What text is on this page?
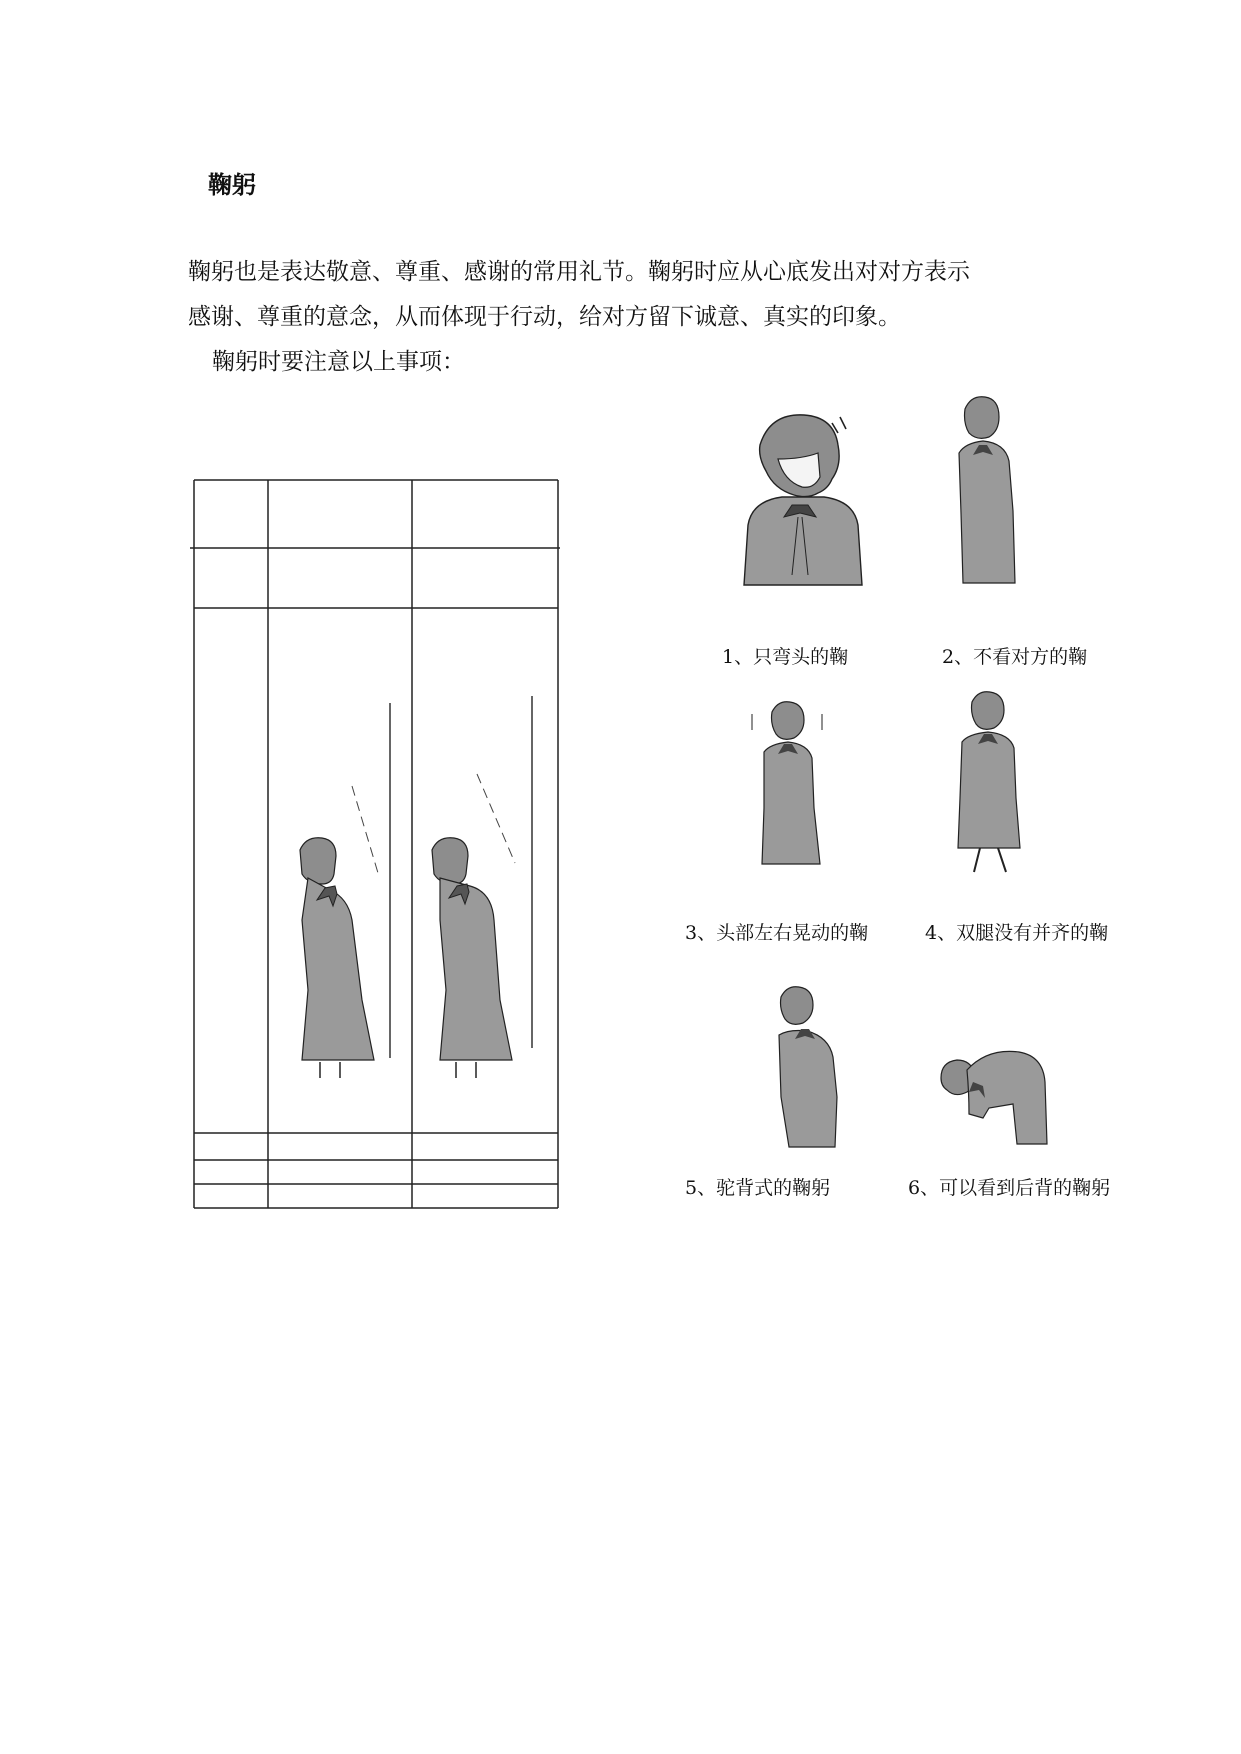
鞠躬
鞠躬也是表达敬意、尊重、感谢的常用礼节。鞠躬时应从心底发出对对方表示
感谢、尊重的意念，从而体现于行动，给对方留下诚意、真实的印象。
鞠躬时要注意以上事项：
1、只弯头的鞠	2、不看对方的鞠
3、头部左右晃动的鞠	4、双腿没有并齐的鞠
5、驼背式的鞠躬	6、可以看到后背的鞠躬
